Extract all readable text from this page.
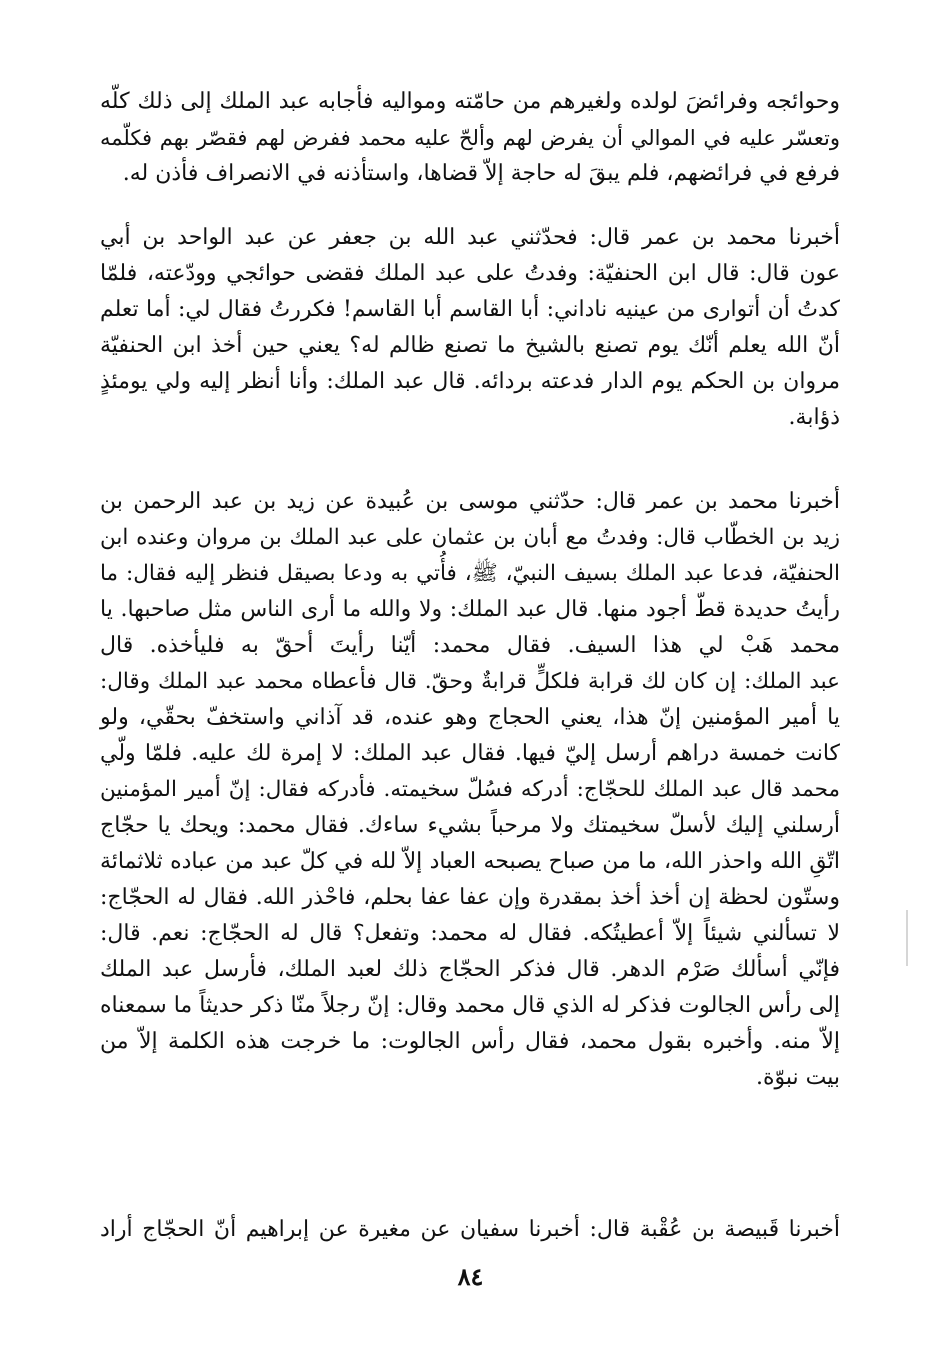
وحوائجه وفرائضَ لولده ولغيرهم من حامّته ومواليه فأجابه عبد الملك إلى ذلك كلّه
وتعسّر عليه في الموالي أن يفرض لهم وألحّ عليه محمد ففرض لهم فقصّر بهم فكلّمه
فرفع في فرائضهم، فلم يبقَ له حاجة إلاّ قضاها، واستأذنه في الانصراف فأذن له.
أخبرنا محمد بن عمر قال: فحدّثني عبد الله بن جعفر عن عبد الواحد بن أبي
عون قال: قال ابن الحنفيّة: وفدتُ على عبد الملك فقضى حوائجي وودّعته، فلمّا
كدتُ أن أتوارى من عينيه ناداني: أبا القاسم أبا القاسم! فكررتُ فقال لي: أما تعلم
أنّ الله يعلم أنّك يوم تصنع بالشيخ ما تصنع ظالم له؟ يعني حين أخذ ابن الحنفيّة
مروان بن الحكم يوم الدار فدعته بردائه. قال عبد الملك: وأنا أنظر إليه ولي يومئذٍ
ذؤابة.
أخبرنا محمد بن عمر قال: حدّثني موسى بن عُبيدة عن زيد بن عبد الرحمن بن
زيد بن الخطّاب قال: وفدتُ مع أبان بن عثمان على عبد الملك بن مروان وعنده ابن
الحنفيّة، فدعا عبد الملك بسيف النبيّ، ﷺ، فأُتي به ودعا بصيقل فنظر إليه فقال: ما
رأيتُ حديدة قطّ أجود منها. قال عبد الملك: ولا والله ما أرى الناس مثل صاحبها. يا
محمد هَبْ لي هذا السيف. فقال محمد: أيّنا رأيتَ أحقّ به فليأخذه. قال
عبد الملك: إن كان لك قرابة فلكلٍّ قرابةٌ وحقّ. قال فأعطاه محمد عبد الملك وقال:
يا أمير المؤمنين إنّ هذا، يعني الحجاج وهو عنده، قد آذاني واستخفّ بحقّي، ولو
كانت خمسة دراهم أرسل إليّ فيها. فقال عبد الملك: لا إمرة لك عليه. فلمّا ولّي
محمد قال عبد الملك للحجّاج: أدركه فسُلّ سخيمته. فأدركه فقال: إنّ أمير المؤمنين
أرسلني إليك لأسلّ سخيمتك ولا مرحباً بشيء ساءك. فقال محمد: ويحك يا حجّاج
اتّقِ الله واحذر الله، ما من صباح يصبحه العباد إلاّ لله في كلّ عبد من عباده ثلاثمائة
وستّون لحظة إن أخذ أخذ بمقدرة وإن عفا عفا بحلم، فاحْذر الله. فقال له الحجّاج:
لا تسألني شيئاً إلاّ أعطيتُكه. فقال له محمد: وتفعل؟ قال له الحجّاج: نعم. قال:
فإنّي أسألك صَرْم الدهر. قال فذكر الحجّاج ذلك لعبد الملك، فأرسل عبد الملك
إلى رأس الجالوت فذكر له الذي قال محمد وقال: إنّ رجلاً منّا ذكر حديثاً ما سمعناه
إلاّ منه. وأخبره بقول محمد، فقال رأس الجالوت: ما خرجت هذه الكلمة إلاّ من
بيت نبوّة.
أخبرنا قَبيصة بن عُقْبة قال: أخبرنا سفيان عن مغيرة عن إبراهيم أنّ الحجّاج أراد
٨٤
